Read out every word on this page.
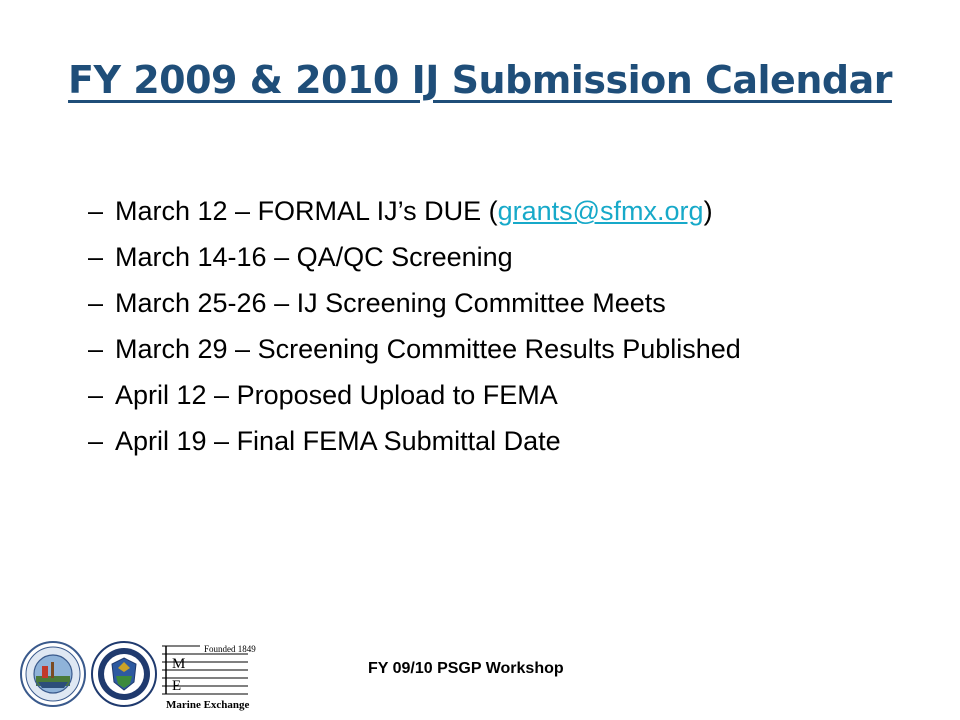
FY 2009 & 2010 IJ Submission Calendar
– March 12 – FORMAL IJ’s DUE ( grants@sfmx.org )
– March 14-16 – QA/QC Screening
– March 25-26 – IJ Screening Committee Meets
– March 29 – Screening Committee Results Published
– April 12 – Proposed Upload to FEMA
– April 19 – Final FEMA Submittal Date
Founded 1849
M
E
Marine Exchange
FY 09/10 PSGP Workshop
